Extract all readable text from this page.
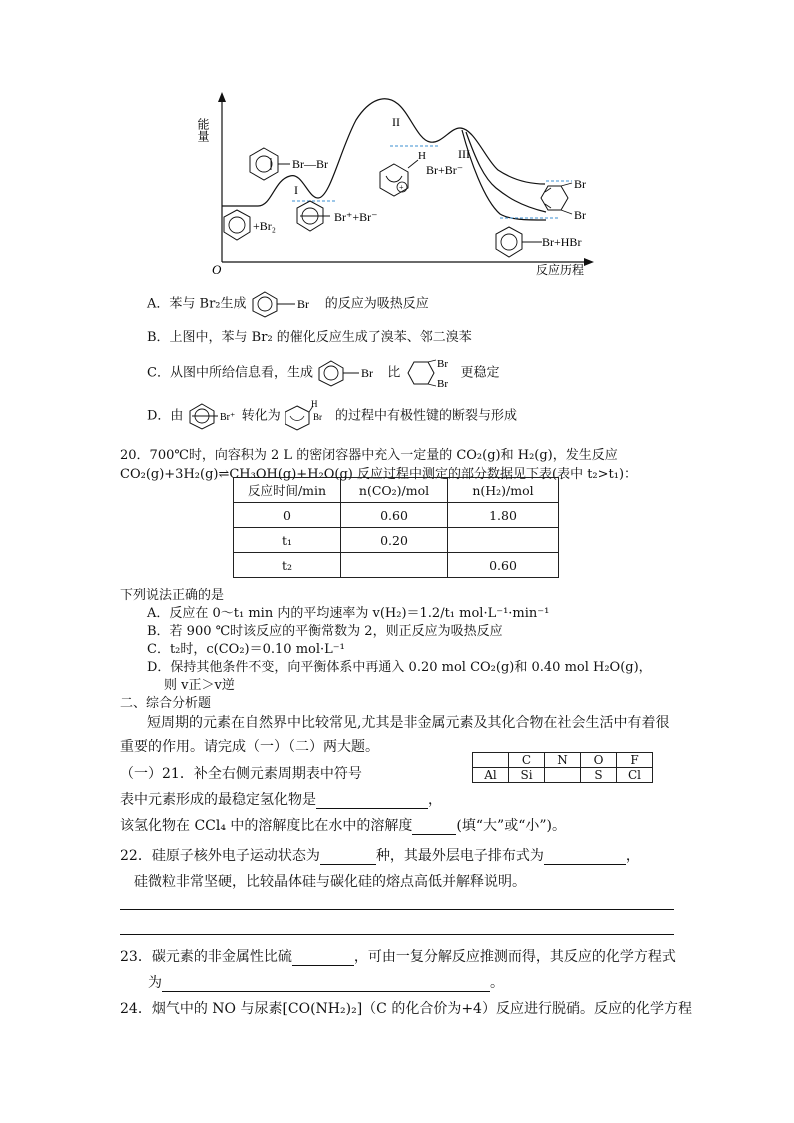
能量
O	反应历程
I
II
III
Br—Br
+Br₂
Br⁺+Br⁻
+
H
Br+Br⁻
Br
Br
Br+HBr
A．苯与 Br₂生成	Br 的反应为吸热反应
B．上图中，苯与 Br₂ 的催化反应生成了溴苯、邻二溴苯
C．从图中所给信息看，生成	Br 比
Br
Br
更稳定
D．由	Br⁺ 转化为
H
Br 的过程中有极性键的断裂与形成
20．700℃时，向容积为 2 L 的密闭容器中充入一定量的 CO₂(g)和 H₂(g)，发生反应
CO₂(g)+3H₂(g)⇌CH₃OH(g)+H₂O(g) 反应过程中测定的部分数据见下表(表中 t₂>t₁)：
反应时间/min	n(CO₂)/mol	n(H₂)/mol
0	0.60	1.80
t₁	0.20	
t₂		0.60
下列说法正确的是
A．反应在 0～t₁ min 内的平均速率为 v(H₂)＝1.2/t₁ mol·L⁻¹·min⁻¹
B．若 900 ℃时该反应的平衡常数为 2，则正反应为吸热反应
C．t₂时，c(CO₂)＝0.10 mol·L⁻¹
D．保持其他条件不变，向平衡体系中再通入 0.20 mol CO₂(g)和 0.40 mol H₂O(g)，
则 v正＞v逆
二、综合分析题
短周期的元素在自然界中比较常见,尤其是非金属元素及其化合物在社会生活中有着很
重要的作用。请完成（一）（二）两大题。
（一）21．补全右侧元素周期表中符号
	C	N	O	F
Al	Si		S	Cl
表中元素形成的最稳定氢化物是	，
该氢化物在 CCl₄ 中的溶解度比在水中的溶解度	(填“大”或“小”)。
22．硅原子核外电子运动状态为	种，其最外层电子排布式为	，
硅微粒非常坚硬，比较晶体硅与碳化硅的熔点高低并解释说明。
23．碳元素的非金属性比硫	，可由一复分解反应推测而得，其反应的化学方程式
为	。
24．烟气中的 NO 与尿素[CO(NH₂)₂]（C 的化合价为+4）反应进行脱硝。反应的化学方程
